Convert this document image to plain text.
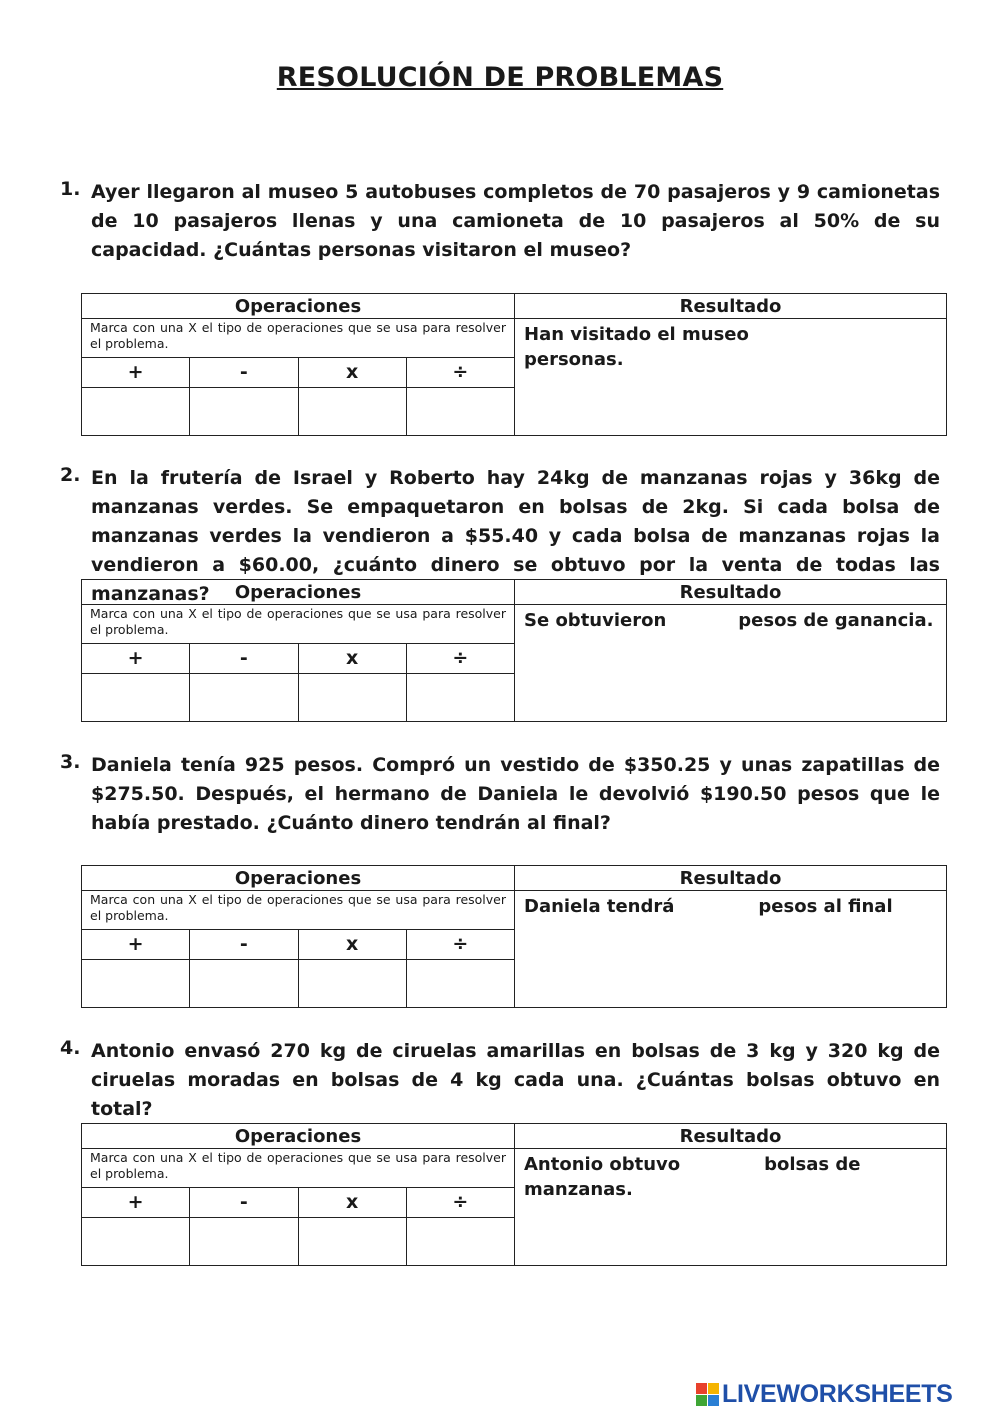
RESOLUCIÓN DE PROBLEMAS
1. Ayer llegaron al museo 5 autobuses completos de 70 pasajeros y 9 camionetas de 10 pasajeros llenas y una camioneta de 10 pasajeros al 50% de su capacidad. ¿Cuántas personas visitaron el museo?
Operaciones
Marca con una X el tipo de operaciones que se usa para resolver el problema.
+	-	x	÷
Resultado
Han visitado el museopersonas.
2. En la frutería de Israel y Roberto hay 24kg de manzanas rojas y 36kg de manzanas verdes. Se empaquetaron en bolsas de 2kg. Si cada bolsa de manzanas verdes la vendieron a $55.40 y cada bolsa de manzanas rojas la vendieron a $60.00, ¿cuánto dinero se obtuvo por la venta de todas las manzanas?	Operaciones
Marca con una X el tipo de operaciones que se usa para resolver el problema.
+	-	x	÷
Resultado
Se obtuvieron	pesos de ganancia.
3. Daniela tenía 925 pesos. Compró un vestido de $350.25 y unas zapatillas de $275.50. Después, el hermano de Daniela le devolvió $190.50 pesos que le había prestado. ¿Cuánto dinero tendrán al final?
Operaciones
Marca con una X el tipo de operaciones que se usa para resolver el problema.
+	-	x	÷
Resultado
Daniela tendrá	pesos al final
4. Antonio envasó 270 kg de ciruelas amarillas en bolsas de 3 kg y 320 kg de ciruelas moradas en bolsas de 4 kg cada una. ¿Cuántas bolsas obtuvo en total?
Operaciones
Marca con una X el tipo de operaciones que se usa para resolver el problema.
+	-	x	÷
Resultado
Antonio obtuvo	bolsas de manzanas.
LIVEWORKSHEETS
